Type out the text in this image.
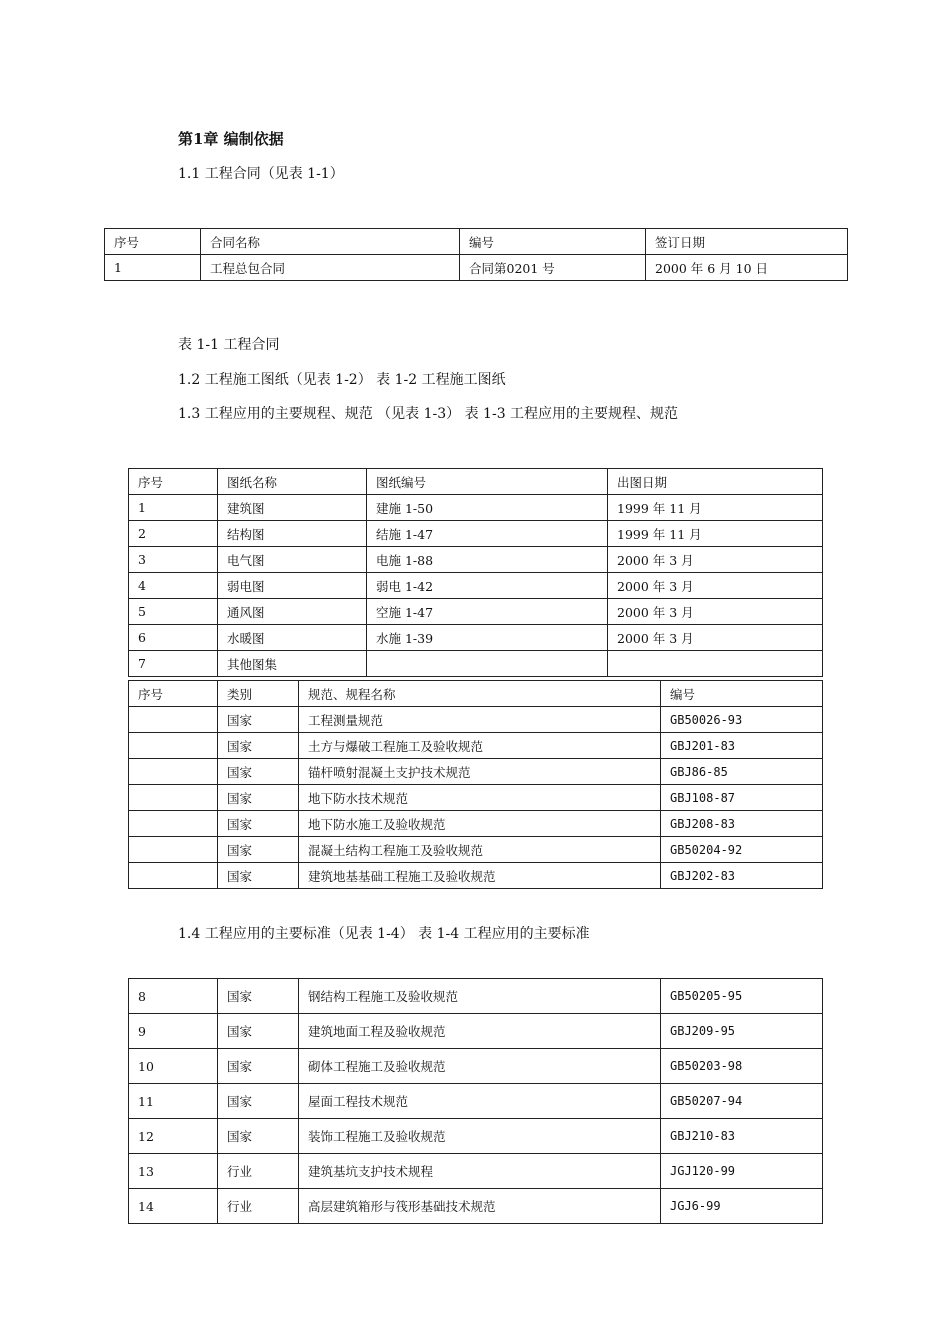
第1章 编制依据
1.1 工程合同（见表 1-1）
序号	合同名称	编号	签订日期
1	工程总包合同	合同第0201 号	2000 年 6 月 10 日
表 1-1 工程合同
1.2 工程施工图纸（见表 1-2） 表 1-2 工程施工图纸
1.3 工程应用的主要规程、规范 （见表 1-3） 表 1-3 工程应用的主要规程、规范
序号	图纸名称	图纸编号	出图日期
1	建筑图	建施 1-50	1999 年 11 月
2	结构图	结施 1-47	1999 年 11 月
3	电气图	电施 1-88	2000 年 3 月
4	弱电图	弱电 1-42	2000 年 3 月
5	通风图	空施 1-47	2000 年 3 月
6	水暖图	水施 1-39	2000 年 3 月
7	其他图集		
序号	类别	规范、规程名称	编号
	国家	工程测量规范	GB50026-93
	国家	土方与爆破工程施工及验收规范	GBJ201-83
	国家	锚杆喷射混凝土支护技术规范	GBJ86-85
	国家	地下防水技术规范	GBJ108-87
	国家	地下防水施工及验收规范	GBJ208-83
	国家	混凝土结构工程施工及验收规范	GB50204-92
	国家	建筑地基基础工程施工及验收规范	GBJ202-83
1.4 工程应用的主要标准（见表 1-4） 表 1-4 工程应用的主要标准
8	国家	钢结构工程施工及验收规范	GB50205-95
9	国家	建筑地面工程及验收规范	GBJ209-95
10	国家	砌体工程施工及验收规范	GB50203-98
11	国家	屋面工程技术规范	GB50207-94
12	国家	装饰工程施工及验收规范	GBJ210-83
13	行业	建筑基坑支护技术规程	JGJ120-99
14	行业	高层建筑箱形与筏形基础技术规范	JGJ6-99
